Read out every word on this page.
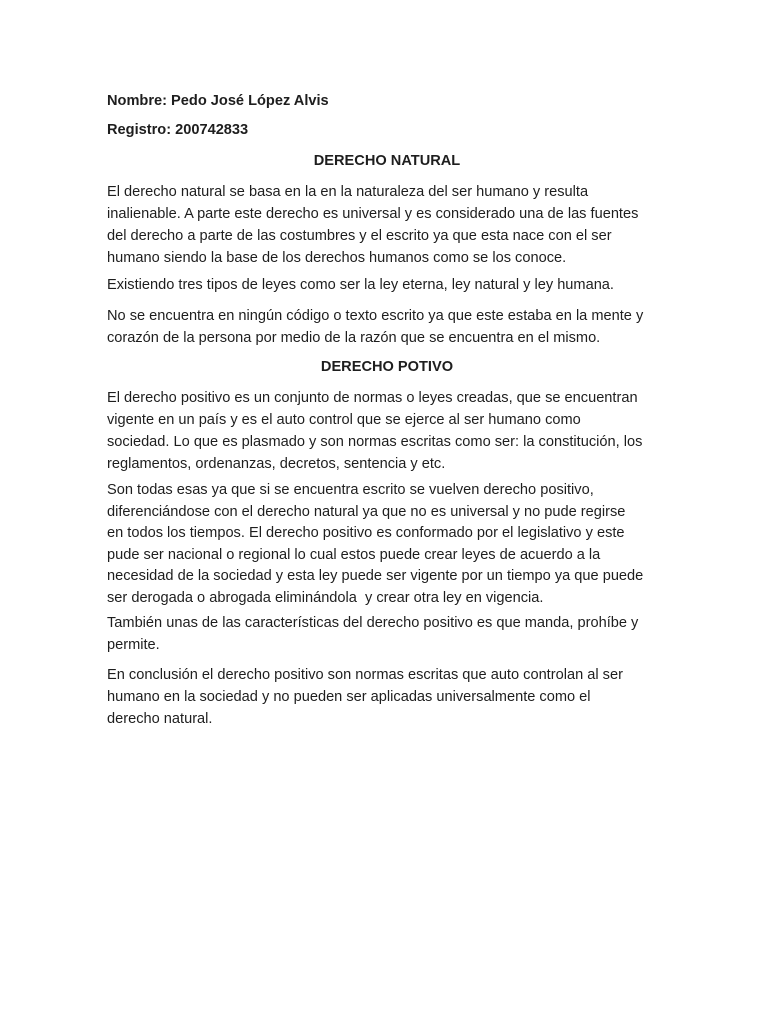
Nombre: Pedo José López Alvis
Registro: 200742833
DERECHO NATURAL
El derecho natural se basa en la en la naturaleza del ser humano y resulta
inalienable. A parte este derecho es universal y es considerado una de las fuentes
del derecho a parte de las costumbres y el escrito ya que esta nace con el ser
humano siendo la base de los derechos humanos como se los conoce.
Existiendo tres tipos de leyes como ser la ley eterna, ley natural y ley humana.
No se encuentra en ningún código o texto escrito ya que este estaba en la mente y
corazón de la persona por medio de la razón que se encuentra en el mismo.
DERECHO POTIVO
El derecho positivo es un conjunto de normas o leyes creadas, que se encuentran
vigente en un país y es el auto control que se ejerce al ser humano como
sociedad. Lo que es plasmado y son normas escritas como ser: la constitución, los
reglamentos, ordenanzas, decretos, sentencia y etc.
Son todas esas ya que si se encuentra escrito se vuelven derecho positivo,
diferenciándose con el derecho natural ya que no es universal y no pude regirse
en todos los tiempos. El derecho positivo es conformado por el legislativo y este
pude ser nacional o regional lo cual estos puede crear leyes de acuerdo a la
necesidad de la sociedad y esta ley puede ser vigente por un tiempo ya que puede
ser derogada o abrogada eliminándola  y crear otra ley en vigencia.
También unas de las características del derecho positivo es que manda, prohíbe y
permite.
En conclusión el derecho positivo son normas escritas que auto controlan al ser
humano en la sociedad y no pueden ser aplicadas universalmente como el
derecho natural.
